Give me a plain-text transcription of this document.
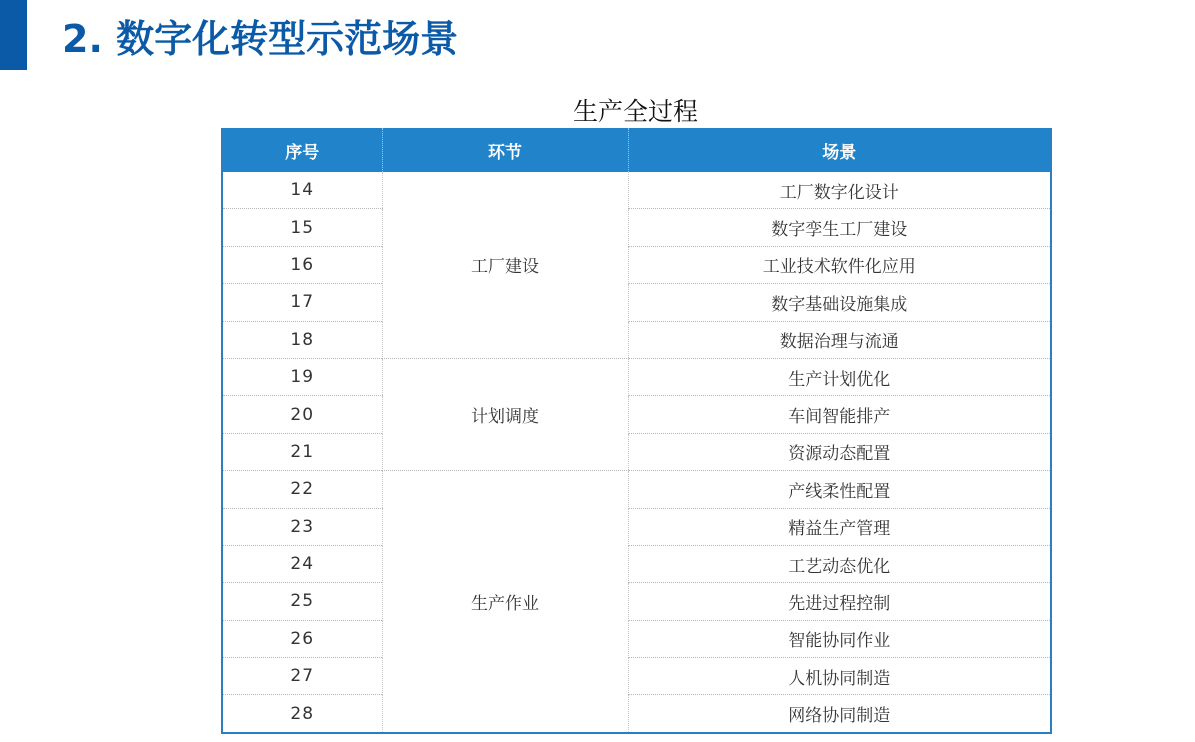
2. 数字化转型示范场景
生产全过程
序号	环节	场景
14	工厂建设	工厂数字化设计
15		数字孪生工厂建设
16		工业技术软件化应用
17		数字基础设施集成
18		数据治理与流通
19	计划调度	生产计划优化
20		车间智能排产
21		资源动态配置
22	生产作业	产线柔性配置
23		精益生产管理
24		工艺动态优化
25		先进过程控制
26		智能协同作业
27		人机协同制造
28		网络协同制造
